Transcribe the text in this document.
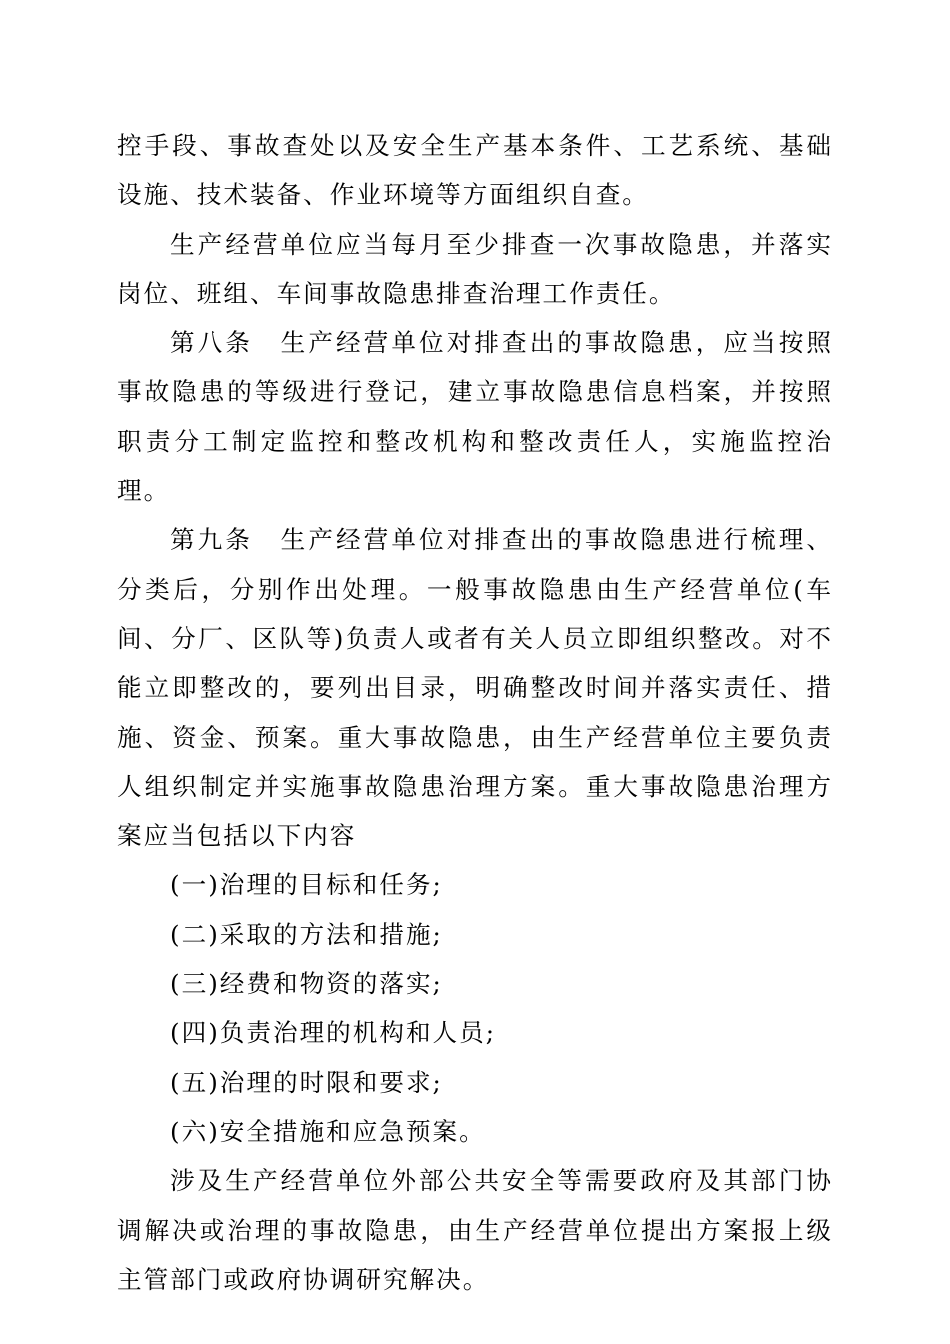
控手段、事故查处以及安全生产基本条件、工艺系统、基础设施、技术装备、作业环境等方面组织自查。

生产经营单位应当每月至少排查一次事故隐患，并落实岗位、班组、车间事故隐患排查治理工作责任。

第八条　生产经营单位对排查出的事故隐患，应当按照事故隐患的等级进行登记，建立事故隐患信息档案，并按照职责分工制定监控和整改机构和整改责任人，实施监控治理。

第九条　生产经营单位对排查出的事故隐患进行梳理、分类后，分别作出处理。一般事故隐患由生产经营单位(车间、分厂、区队等)负责人或者有关人员立即组织整改。对不能立即整改的，要列出目录，明确整改时间并落实责任、措施、资金、预案。重大事故隐患，由生产经营单位主要负责人组织制定并实施事故隐患治理方案。重大事故隐患治理方案应当包括以下内容

(一)治理的目标和任务;

(二)采取的方法和措施;

(三)经费和物资的落实;

(四)负责治理的机构和人员;

(五)治理的时限和要求;

(六)安全措施和应急预案。

涉及生产经营单位外部公共安全等需要政府及其部门协调解决或治理的事故隐患，由生产经营单位提出方案报上级主管部门或政府协调研究解决。
